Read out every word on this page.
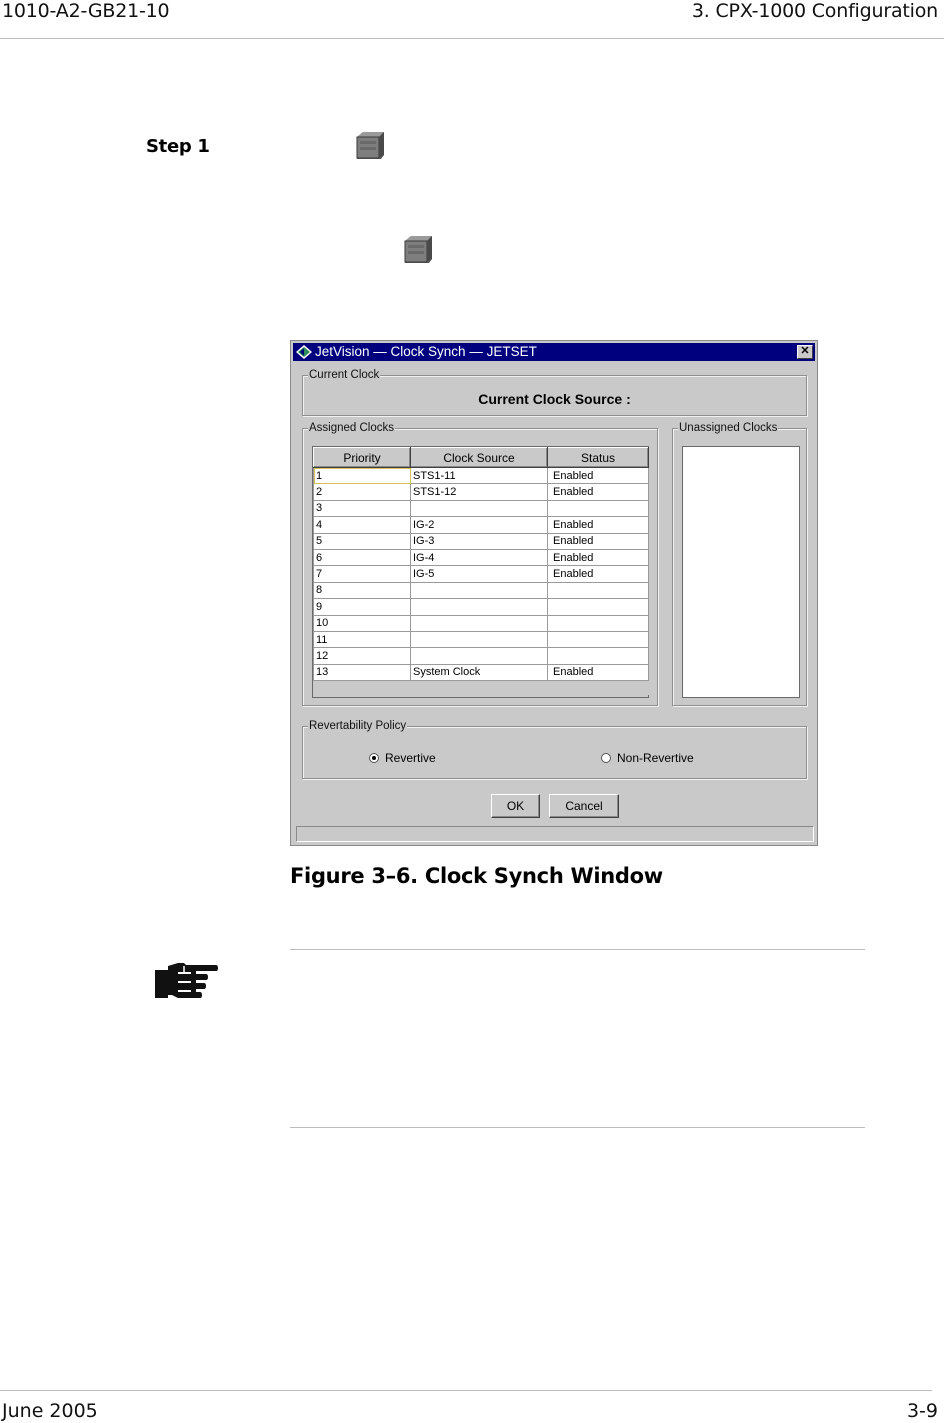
1010-A2-GB21-10	3. CPX-1000 Configuration
Step 1
JetVision — Clock Synch — JETSET	✕
Current Clock
Current Clock Source :
Assigned Clocks
Priority	Clock Source	Status
1	STS1-11	Enabled
2	STS1-12	Enabled
3		
4	IG-2	Enabled
5	IG-3	Enabled
6	IG-4	Enabled
7	IG-5	Enabled
8		
9		
10		
11		
12		
13	System Clock	Enabled

Unassigned Clocks
Revertability Policy
Revertive	Non-Revertive
OK	Cancel
Figure 3–6. Clock Synch Window
June 2005	3-9
